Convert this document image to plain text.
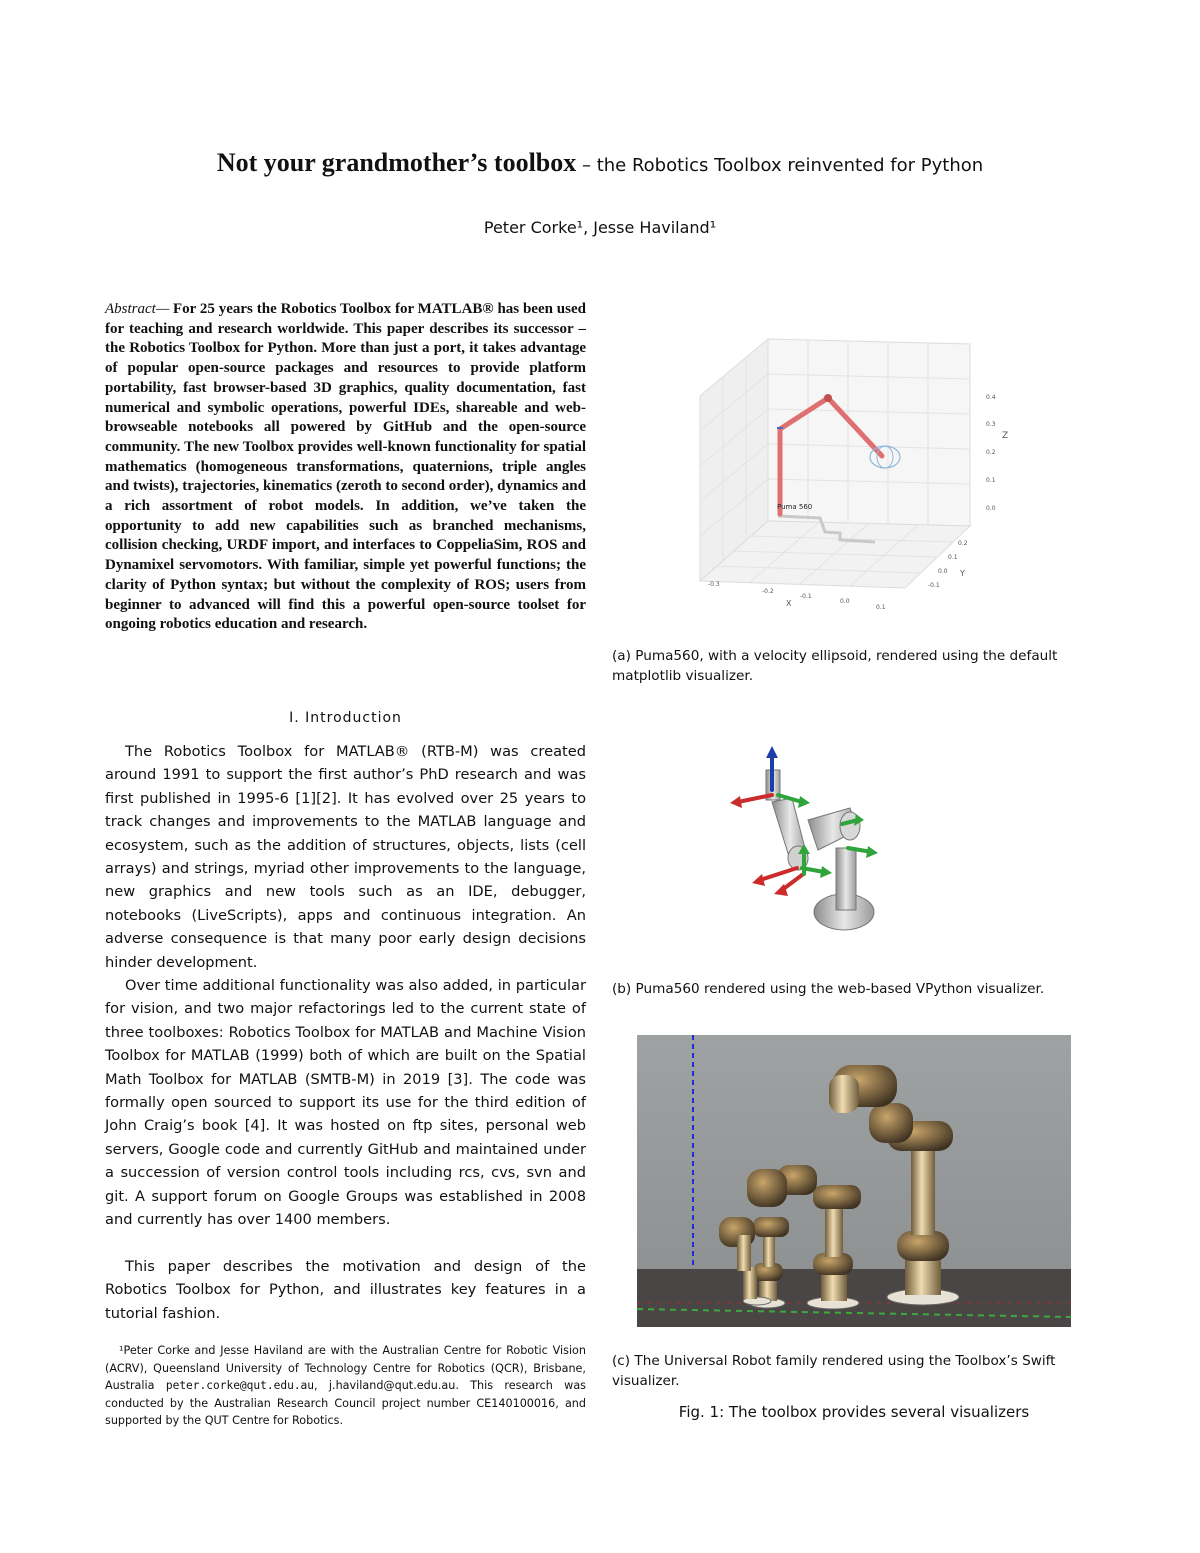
Not your grandmother’s toolbox – the Robotics Toolbox reinvented for Python
Peter Corke¹, Jesse Haviland¹
Abstract— For 25 years the Robotics Toolbox for MATLAB® has been used for teaching and research worldwide. This paper describes its successor – the Robotics Toolbox for Python. More than just a port, it takes advantage of popular open-source packages and resources to provide platform portability, fast browser-based 3D graphics, quality documentation, fast numerical and symbolic operations, powerful IDEs, shareable and web-browseable notebooks all powered by GitHub and the open-source community. The new Toolbox provides well-known functionality for spatial mathematics (homogeneous transformations, quaternions, triple angles and twists), trajectories, kinematics (zeroth to second order), dynamics and a rich assortment of robot models. In addition, we’ve taken the opportunity to add new capabilities such as branched mechanisms, collision checking, URDF import, and interfaces to CoppeliaSim, ROS and Dynamixel servomotors. With familiar, simple yet powerful functions; the clarity of Python syntax; but without the complexity of ROS; users from beginner to advanced will find this a powerful open-source toolset for ongoing robotics education and research.
I. Introduction

The Robotics Toolbox for MATLAB® (RTB-M) was created around 1991 to support the first author’s PhD research and was first published in 1995-6 [1][2]. It has evolved over 25 years to track changes and improvements to the MATLAB language and ecosystem, such as the addition of structures, objects, lists (cell arrays) and strings, myriad other improvements to the language, new graphics and new tools such as an IDE, debugger, notebooks (LiveScripts), apps and continuous integration. An adverse consequence is that many poor early design decisions hinder development.

Over time additional functionality was also added, in particular for vision, and two major refactorings led to the current state of three toolboxes: Robotics Toolbox for MATLAB and Machine Vision Toolbox for MATLAB (1999) both of which are built on the Spatial Math Toolbox for MATLAB (SMTB-M) in 2019 [3]. The code was formally open sourced to support its use for the third edition of John Craig’s book [4]. It was hosted on ftp sites, personal web servers, Google code and currently GitHub and maintained under a succession of version control tools including rcs, cvs, svn and git. A support forum on Google Groups was established in 2008 and currently has over 1400 members.

This paper describes the motivation and design of the Robotics Toolbox for Python, and illustrates key features in a tutorial fashion.

¹Peter Corke and Jesse Haviland are with the Australian Centre for Robotic Vision (ACRV), Queensland University of Technology Centre for Robotics (QCR), Brisbane, Australia peter.corke@qut.edu.au, j.haviland@qut.edu.au. This research was conducted by the Australian Research Council project number CE140100016, and supported by the QUT Centre for Robotics.
Puma 560
0.4
0.3
0.2
0.1
0.0
Z
0.2
0.1
0.0
-0.1
Y
-0.3
-0.2
-0.1
0.0
0.1
X
(a) Puma560, with a velocity ellipsoid, rendered using the default matplotlib visualizer.
(b) Puma560 rendered using the web-based VPython visualizer.
(c) The Universal Robot family rendered using the Toolbox’s Swift visualizer.
Fig. 1: The toolbox provides several visualizers
